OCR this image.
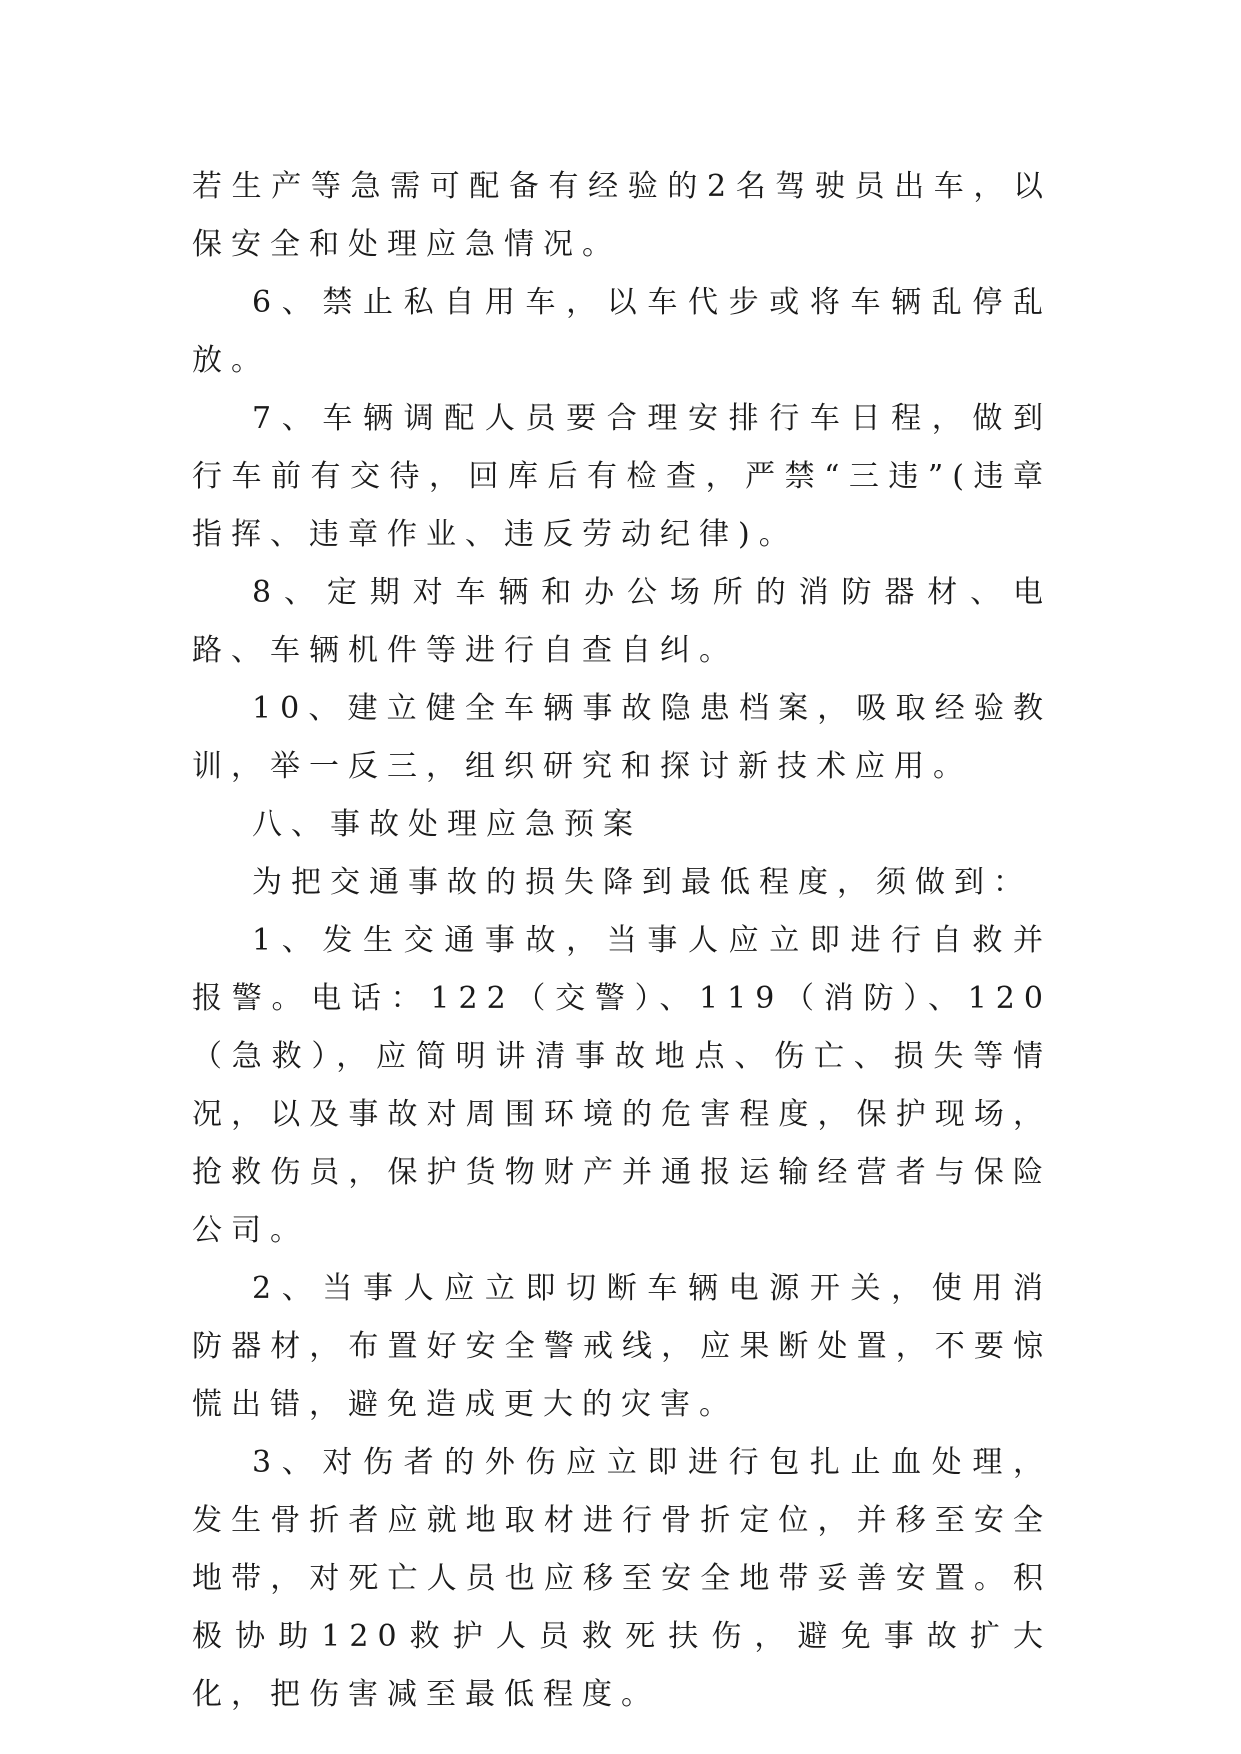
若生产等急需可配备有经验的2名驾驶员出车，以保安全和处理应急情况。

6、禁止私自用车，以车代步或将车辆乱停乱放。

7、车辆调配人员要合理安排行车日程，做到行车前有交待，回库后有检查，严禁“三违”(违章指挥、违章作业、违反劳动纪律)。

8、定期对车辆和办公场所的消防器材、电路、车辆机件等进行自查自纠。

10、建立健全车辆事故隐患档案，吸取经验教训，举一反三，组织研究和探讨新技术应用。

八、事故处理应急预案

为把交通事故的损失降到最低程度，须做到：

1、发生交通事故，当事人应立即进行自救并报警。电话：122（交警）、119（消防）、120（急救），应简明讲清事故地点、伤亡、损失等情况，以及事故对周围环境的危害程度，保护现场，抢救伤员，保护货物财产并通报运输经营者与保险公司。

2、当事人应立即切断车辆电源开关，使用消防器材，布置好安全警戒线，应果断处置，不要惊慌出错，避免造成更大的灾害。

3、对伤者的外伤应立即进行包扎止血处理，发生骨折者应就地取材进行骨折定位，并移至安全地带，对死亡人员也应移至安全地带妥善安置。积极协助120救护人员救死扶伤，避免事故扩大化，把伤害减至最低程度。
